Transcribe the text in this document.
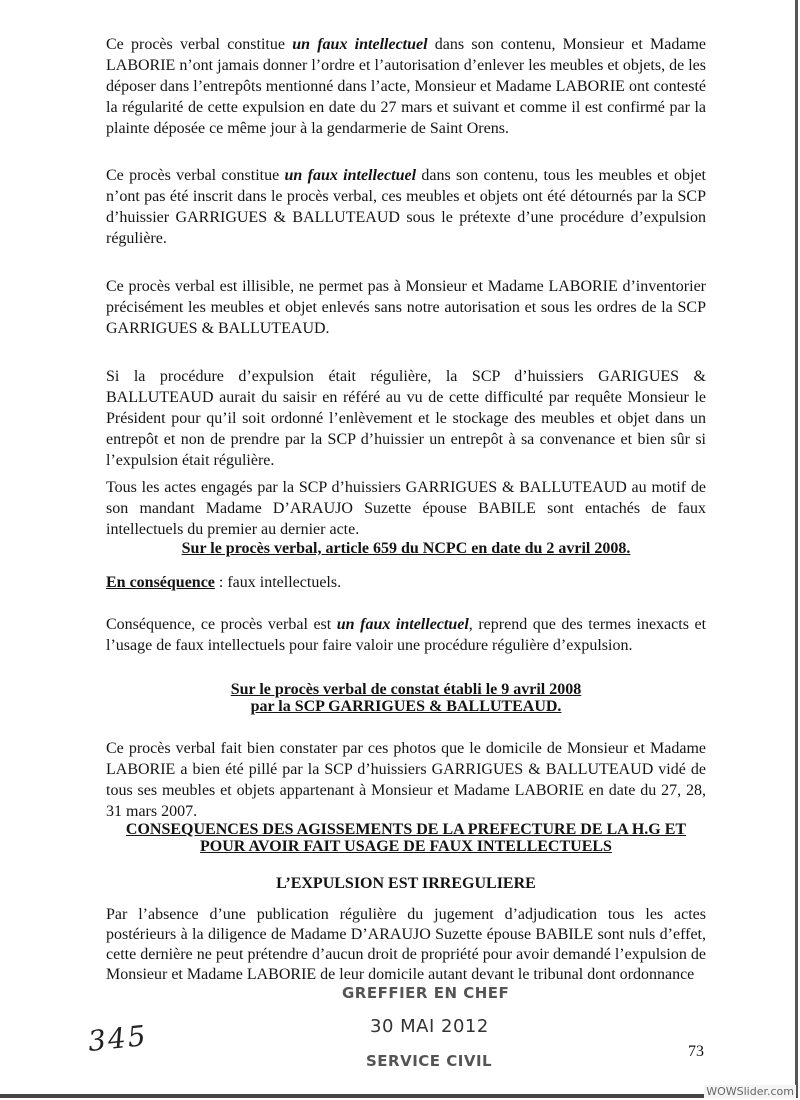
Ce procès verbal constitue un faux intellectuel dans son contenu, Monsieur et Madame
LABORIE n’ont jamais donner l’ordre et l’autorisation d’enlever les meubles et objets, de les
déposer dans l’entrepôts mentionné dans l’acte, Monsieur et Madame LABORIE ont contesté
la régularité de cette expulsion en date du 27 mars et suivant et comme il est confirmé par la
plainte déposée ce même jour à la gendarmerie de Saint Orens.
Ce procès verbal constitue un faux intellectuel dans son contenu, tous les meubles et objet
n’ont pas été inscrit dans le procès verbal, ces meubles et objets ont été détournés par la SCP
d’huissier GARRIGUES & BALLUTEAUD sous le prétexte d’une procédure d’expulsion
régulière.
Ce procès verbal est illisible, ne permet pas à Monsieur et Madame LABORIE d’inventorier
précisément les meubles et objet enlevés sans notre autorisation et sous les ordres de la SCP
GARRIGUES & BALLUTEAUD.
Si la procédure d’expulsion était régulière, la SCP d’huissiers GARIGUES &
BALLUTEAUD aurait du saisir en référé au vu de cette difficulté par requête Monsieur le
Président pour qu’il soit ordonné l’enlèvement et le stockage des meubles et objet dans un
entrepôt et non de prendre par la SCP d’huissier un entrepôt à sa convenance et bien sûr si
l’expulsion était régulière.
Tous les actes engagés par la SCP d’huissiers GARRIGUES & BALLUTEAUD au motif de
son mandant Madame D’ARAUJO Suzette épouse BABILE sont entachés de faux
intellectuels du premier au dernier acte.
Sur le procès verbal, article 659 du NCPC en date du 2 avril 2008.
En conséquence : faux intellectuels.
Conséquence, ce procès verbal est un faux intellectuel, reprend que des termes inexacts et
l’usage de faux intellectuels pour faire valoir une procédure régulière d’expulsion.
Sur le procès verbal de constat établi le 9 avril 2008
par la SCP GARRIGUES & BALLUTEAUD.
Ce procès verbal fait bien constater par ces photos que le domicile de Monsieur et Madame
LABORIE a bien été pillé par la SCP d’huissiers GARRIGUES & BALLUTEAUD vidé de
tous ses meubles et objets appartenant à Monsieur et Madame LABORIE en date du 27, 28,
31 mars 2007.
CONSEQUENCES DES AGISSEMENTS DE LA PREFECTURE DE LA H.G ET
POUR AVOIR FAIT USAGE DE FAUX INTELLECTUELS
L’EXPULSION EST IRREGULIERE
Par l’absence d’une publication régulière du jugement d’adjudication tous les actes
postérieurs à la diligence de Madame D’ARAUJO Suzette épouse BABILE sont nuls d’effet,
cette dernière ne peut prétendre d’aucun droit de propriété pour avoir demandé l’expulsion de
Monsieur et Madame LABORIE de leur domicile autant devant le tribunal dont ordonnance
GREFFIER EN CHEF
30 MAI 2012
SERVICE CIVIL
345	73
WOWSlider.com
